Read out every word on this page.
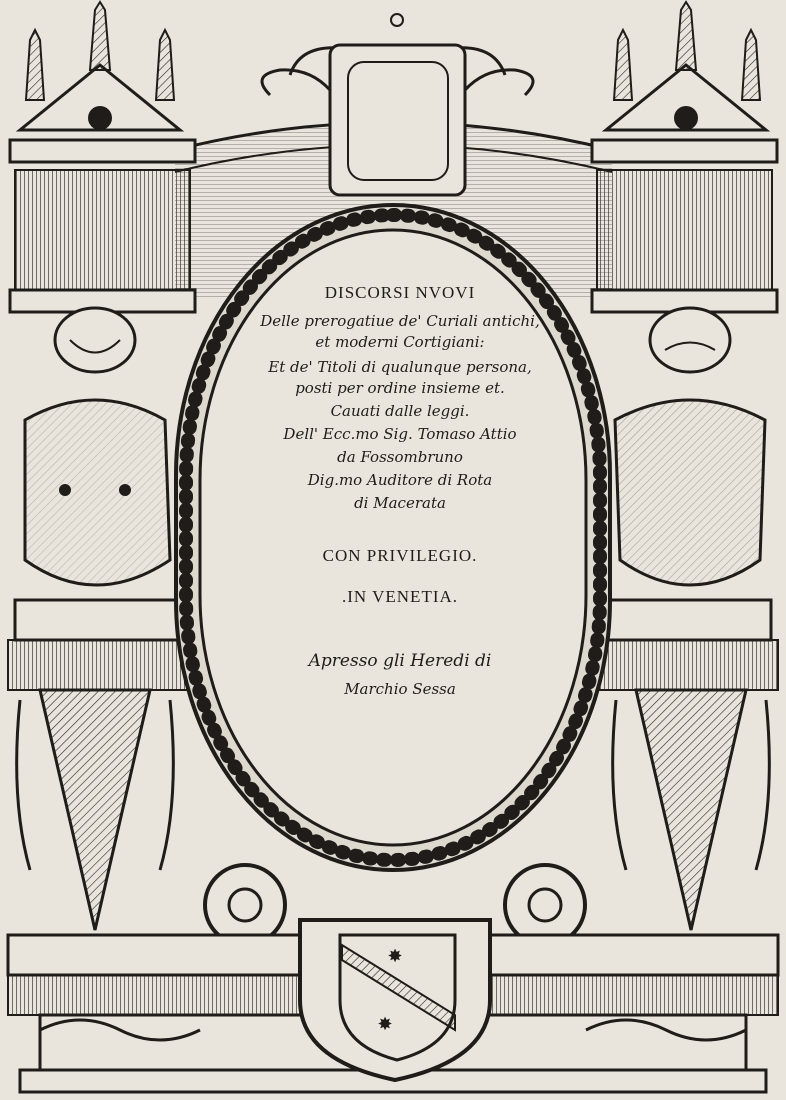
✸
✸
DISCORSI NVOVI
Delle prerogatiue de' Curiali antichi,
et moderni Cortigiani:
Et de' Titoli di qualunque persona,
posti per ordine insieme et.
Cauati dalle leggi.
Dell' Ecc.mo Sig. Tomaso Attio
da Fossombruno
Dig.mo Auditore di Rota
di Macerata
CON PRIVILEGIO.
.IN VENETIA.
Apresso gli Heredi di
Marchio Sessa
